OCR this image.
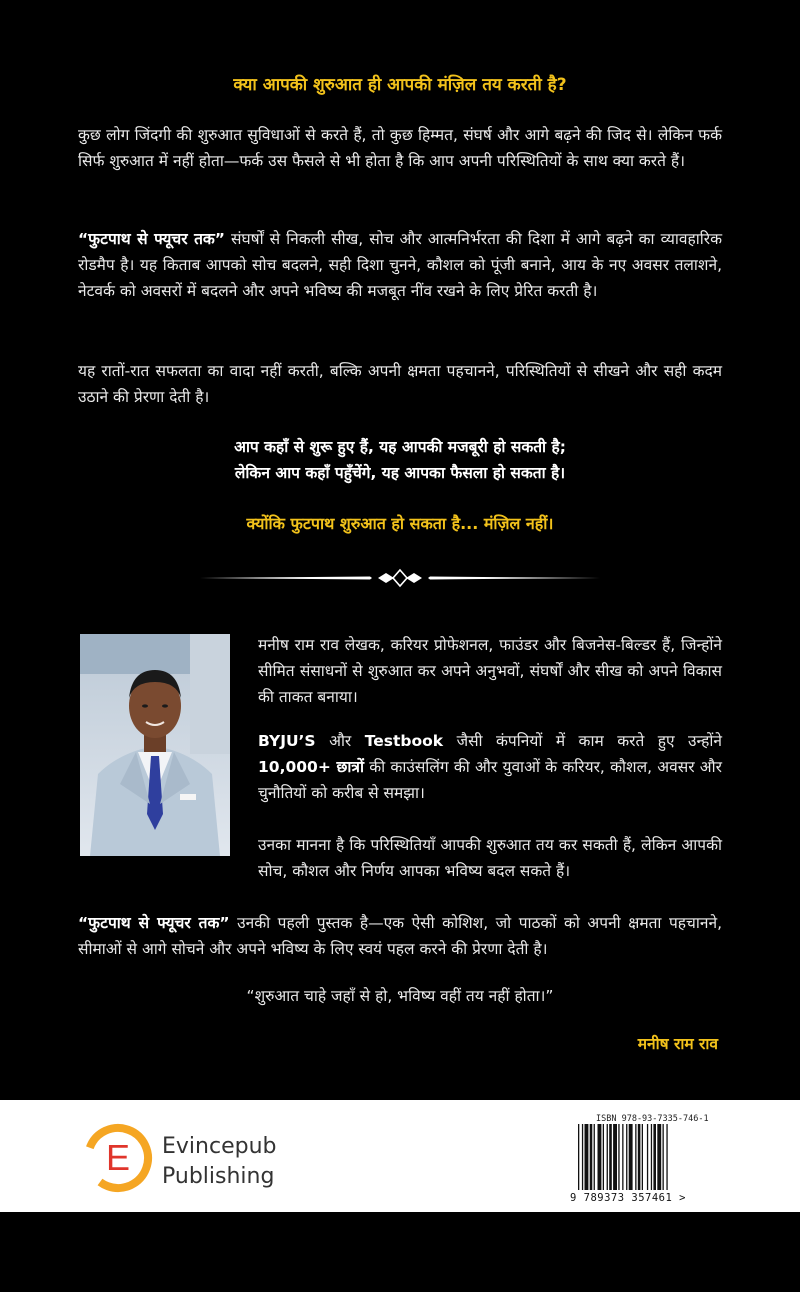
क्या आपकी शुरुआत ही आपकी मंज़िल तय करती है?
कुछ लोग जिंदगी की शुरुआत सुविधाओं से करते हैं, तो कुछ हिम्मत, संघर्ष और आगे बढ़ने की जिद से। लेकिन फर्क सिर्फ शुरुआत में नहीं होता—फर्क उस फैसले से भी होता है कि आप अपनी परिस्थितियों के साथ क्या करते हैं।
“फुटपाथ से फ्यूचर तक” संघर्षों से निकली सीख, सोच और आत्मनिर्भरता की दिशा में आगे बढ़ने का व्यावहारिक रोडमैप है। यह किताब आपको सोच बदलने, सही दिशा चुनने, कौशल को पूंजी बनाने, आय के नए अवसर तलाशने, नेटवर्क को अवसरों में बदलने और अपने भविष्य की मजबूत नींव रखने के लिए प्रेरित करती है।
यह रातों-रात सफलता का वादा नहीं करती, बल्कि अपनी क्षमता पहचानने, परिस्थितियों से सीखने और सही कदम उठाने की प्रेरणा देती है।
आप कहाँ से शुरू हुए हैं, यह आपकी मजबूरी हो सकती है;
लेकिन आप कहाँ पहुँचेंगे, यह आपका फैसला हो सकता है।
क्योंकि फुटपाथ शुरुआत हो सकता है... मंज़िल नहीं।
मनीष राम राव लेखक, करियर प्रोफेशनल, फाउंडर और बिजनेस-बिल्डर हैं, जिन्होंने सीमित संसाधनों से शुरुआत कर अपने अनुभवों, संघर्षों और सीख को अपने विकास की ताकत बनाया।
BYJU’S और Testbook जैसी कंपनियों में काम करते हुए उन्होंने 10,000+ छात्रों की काउंसलिंग की और युवाओं के करियर, कौशल, अवसर और चुनौतियों को करीब से समझा।
उनका मानना है कि परिस्थितियाँ आपकी शुरुआत तय कर सकती हैं, लेकिन आपकी सोच, कौशल और निर्णय आपका भविष्य बदल सकते हैं।
“फुटपाथ से फ्यूचर तक” उनकी पहली पुस्तक है—एक ऐसी कोशिश, जो पाठकों को अपनी क्षमता पहचानने, सीमाओं से आगे सोचने और अपने भविष्य के लिए स्वयं पहल करने की प्रेरणा देती है।
“शुरुआत चाहे जहाँ से हो, भविष्य वहीं तय नहीं होता।”
मनीष राम राव
E Evincepub
Publishing
ISBN 978-93-7335-746-1
9 789373 357461 >
